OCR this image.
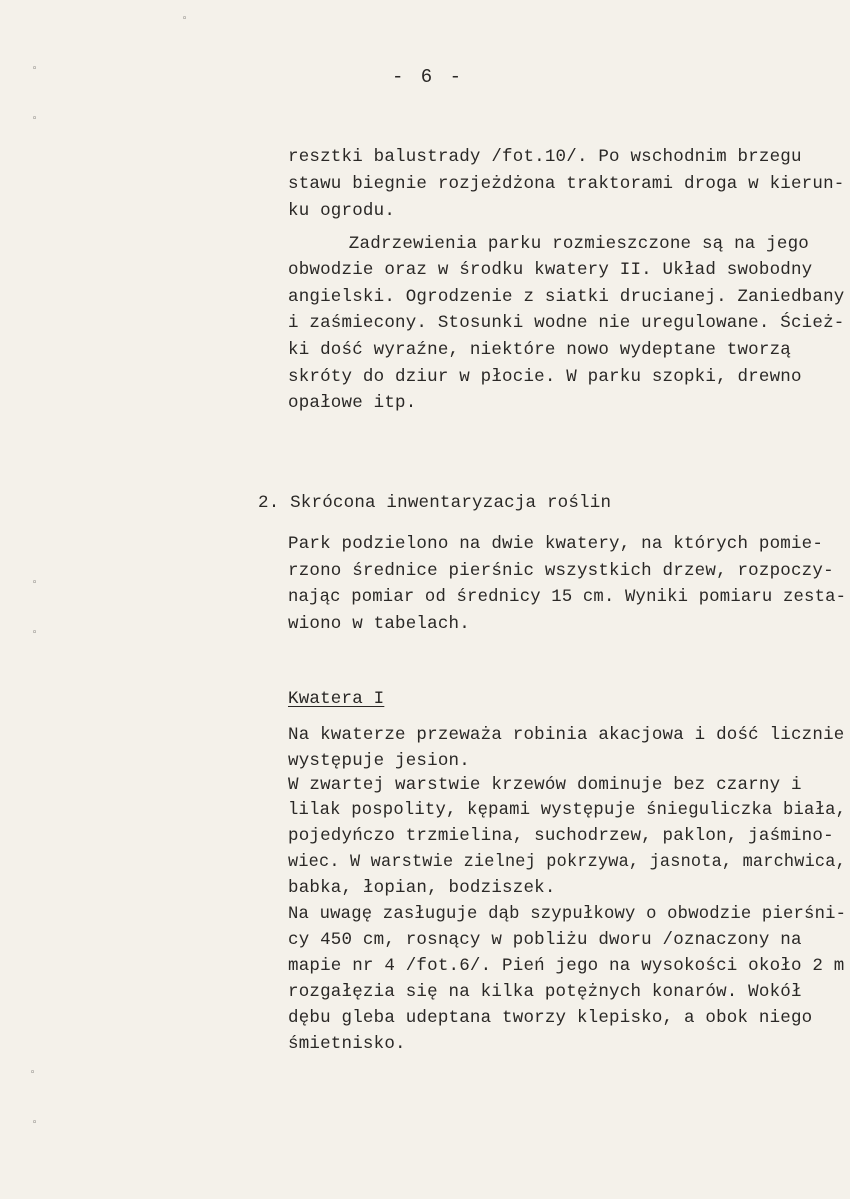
◦
◦
◦
◦
◦
◦
◦
- 6 -
resztki balustrady /fot.10/. Po wschodnim brzegu
stawu biegnie rozjeżdżona traktorami droga w kierun-
ku ogrodu.
Zadrzewienia parku rozmieszczone są na jego
obwodzie oraz w środku kwatery II. Układ swobodny
angielski. Ogrodzenie z siatki drucianej. Zaniedbany
i zaśmiecony. Stosunki wodne nie uregulowane. Ścież-
ki dość wyraźne, niektóre nowo wydeptane tworzą
skróty do dziur w płocie. W parku szopki, drewno
opałowe itp.
2. Skrócona inwentaryzacja roślin
Park podzielono na dwie kwatery, na których pomie-
rzono średnice pierśnic wszystkich drzew, rozpoczy-
nając pomiar od średnicy 15 cm. Wyniki pomiaru zesta-
wiono w tabelach.
Kwatera I
Na kwaterze przeważa robinia akacjowa i dość licznie
występuje jesion.
W zwartej warstwie krzewów dominuje bez czarny i
lilak pospolity, kępami występuje śnieguliczka biała,
pojedyńczo trzmielina, suchodrzew, paklon, jaśmino-
wiec. W warstwie zielnej pokrzywa, jasnota, marchwica,
babka, łopian, bodziszek.
Na uwagę zasługuje dąb szypułkowy o obwodzie pierśni-
cy 450 cm, rosnący w pobliżu dworu /oznaczony na
mapie nr 4 /fot.6/. Pień jego na wysokości około 2 m
rozgałęzia się na kilka potężnych konarów. Wokół
dębu gleba udeptana tworzy klepisko, a obok niego
śmietnisko.
